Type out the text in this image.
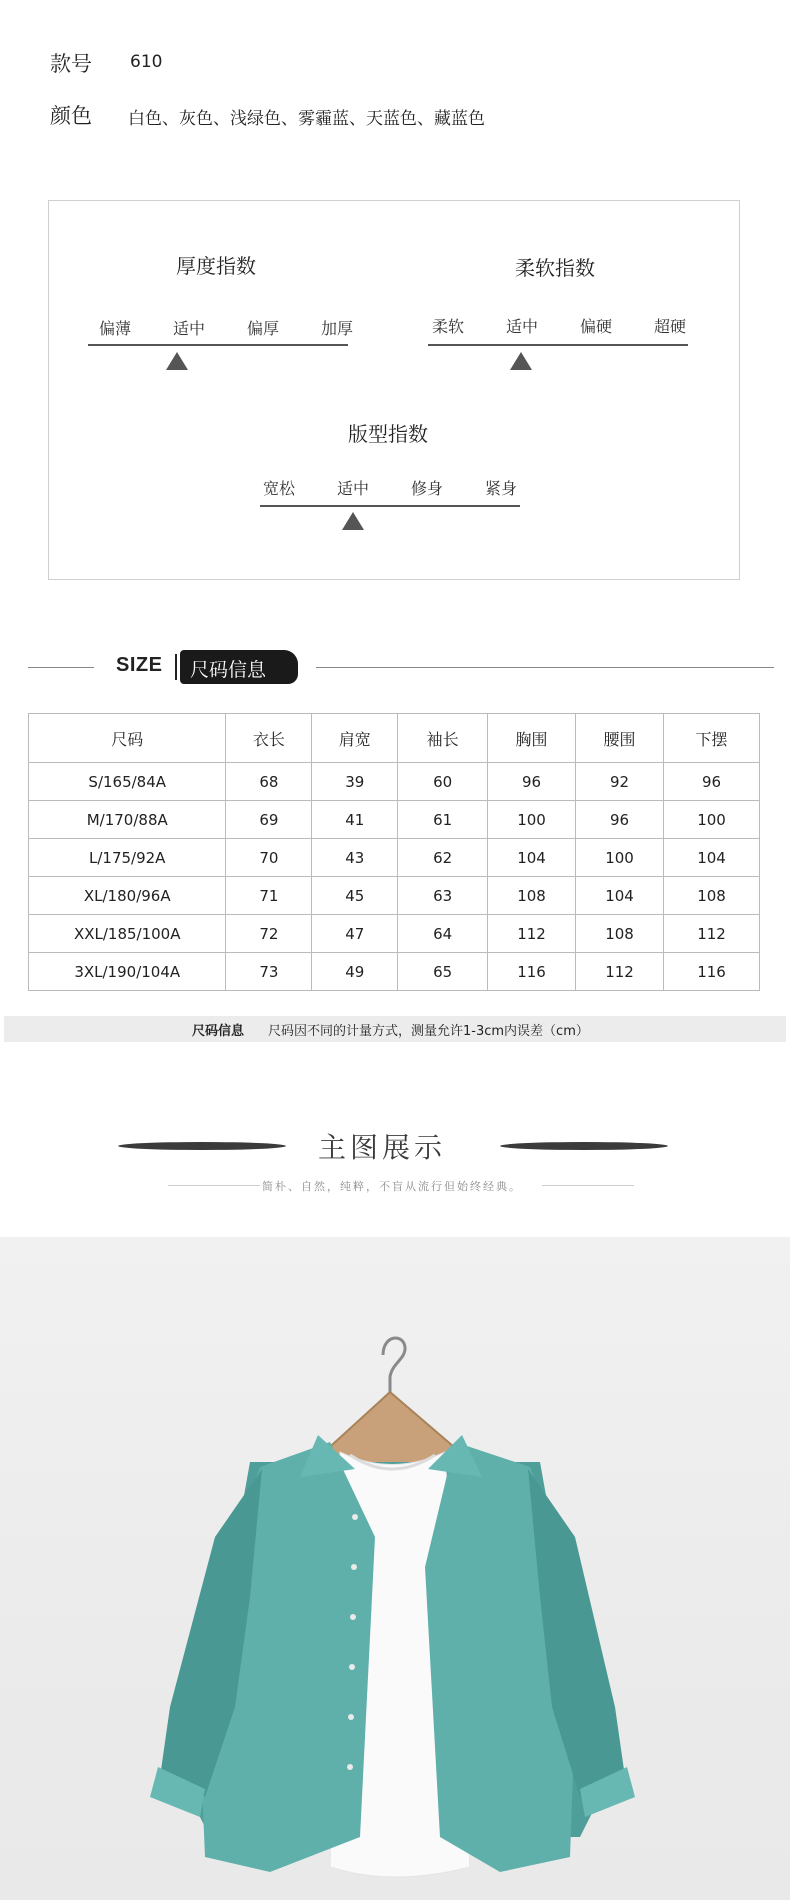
款号 610
颜色 白色、灰色、浅绿色、雾霾蓝、天蓝色、藏蓝色
厚度指数
偏薄	适中	偏厚	加厚
柔软指数
柔软	适中	偏硬	超硬
版型指数
宽松	适中	修身	紧身
SIZE 尺码信息
尺码	衣长	肩宽	袖长	胸围	腰围	下摆
S/165/84A	68	39	60	96	92	96
M/170/88A	69	41	61	100	96	100
L/175/92A	70	43	62	104	100	104
XL/180/96A	71	45	63	108	104	108
XXL/185/100A	72	47	64	112	108	112
3XL/190/104A	73	49	65	116	112	116
尺码信息 尺码因不同的计量方式，测量允许1-3cm内误差（cm）
主图展示
简朴、自然，纯粹，不盲从流行但始终经典。
